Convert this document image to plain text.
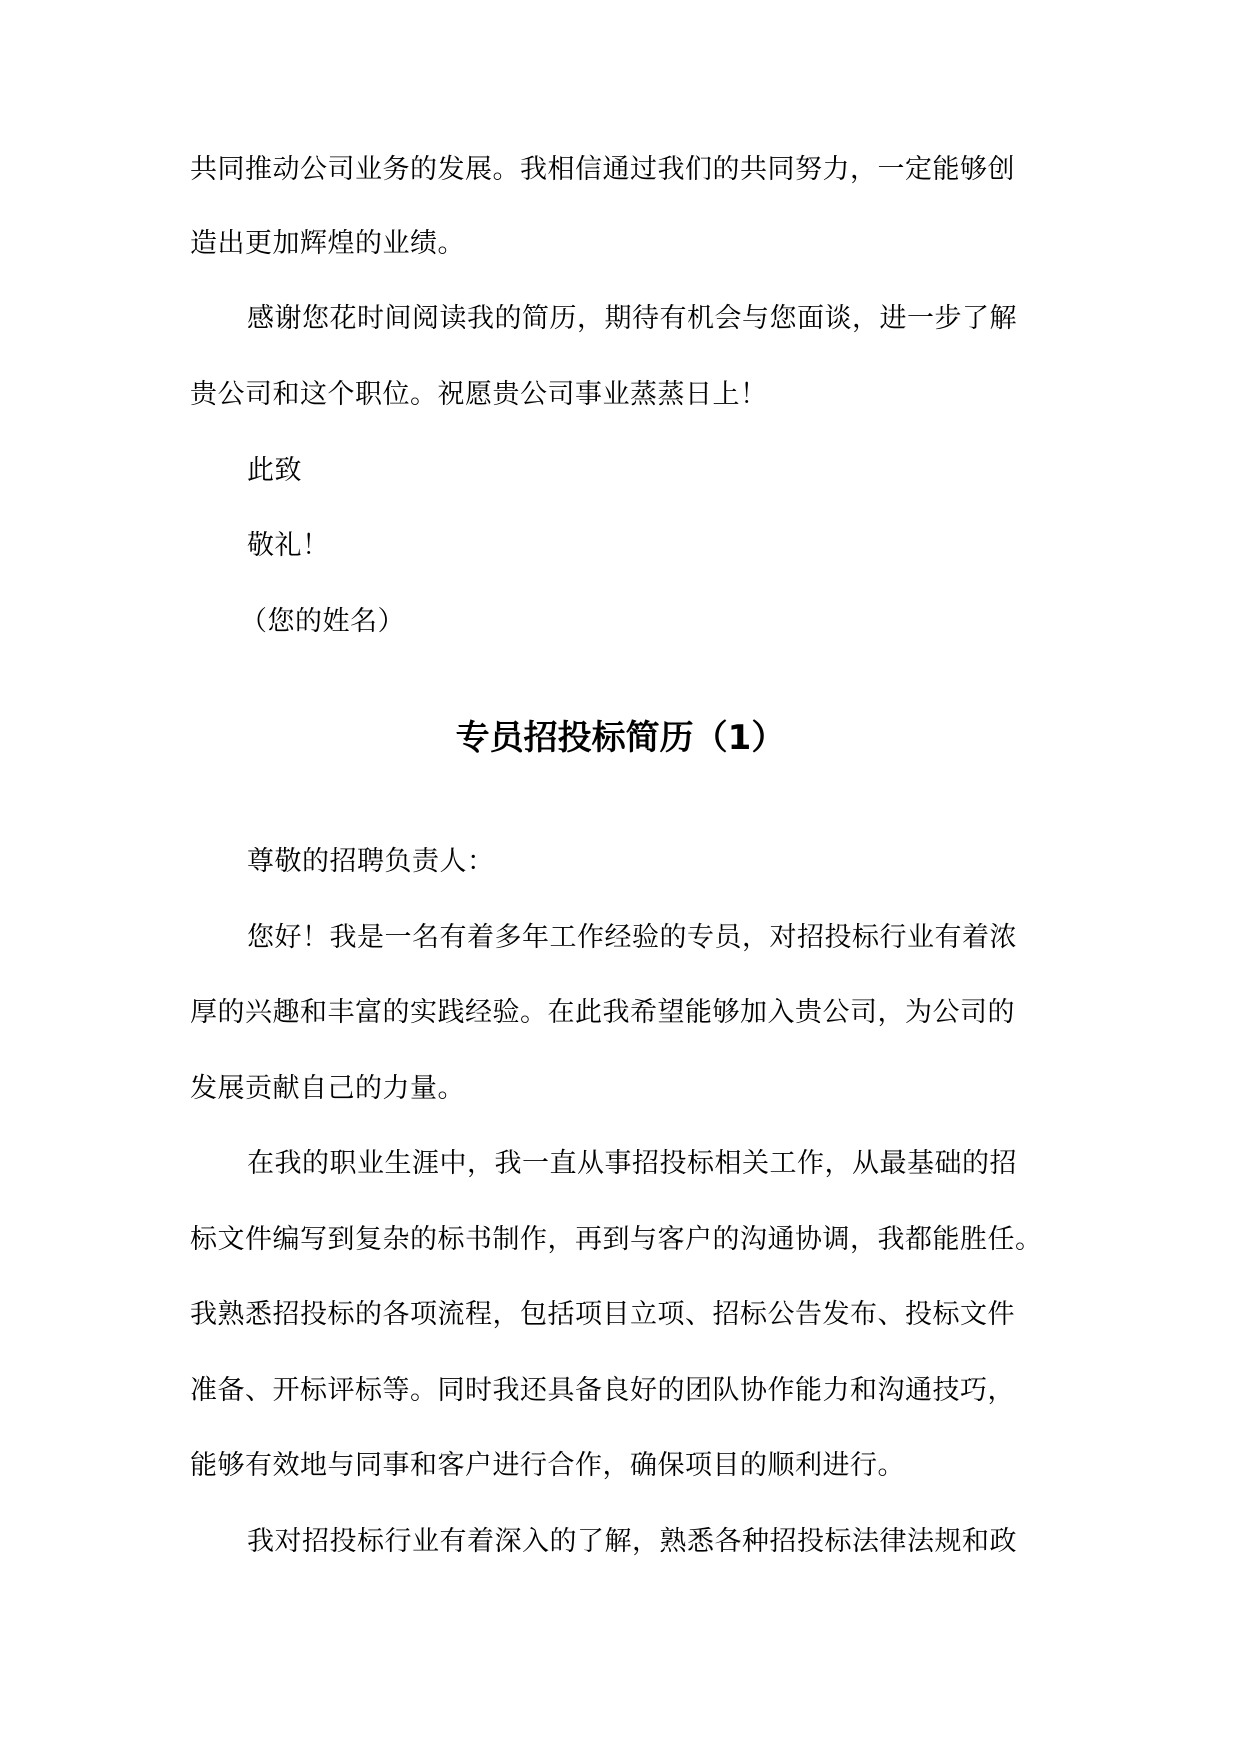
共同推动公司业务的发展。我相信通过我们的共同努力，一定能够创
造出更加辉煌的业绩。
感谢您花时间阅读我的简历，期待有机会与您面谈，进一步了解
贵公司和这个职位。祝愿贵公司事业蒸蒸日上！
此致
敬礼！
（您的姓名）
专员招投标简历（1）
尊敬的招聘负责人：
您好！我是一名有着多年工作经验的专员，对招投标行业有着浓
厚的兴趣和丰富的实践经验。在此我希望能够加入贵公司，为公司的
发展贡献自己的力量。
在我的职业生涯中，我一直从事招投标相关工作，从最基础的招
标文件编写到复杂的标书制作，再到与客户的沟通协调，我都能胜任。
我熟悉招投标的各项流程，包括项目立项、招标公告发布、投标文件
准备、开标评标等。同时我还具备良好的团队协作能力和沟通技巧，
能够有效地与同事和客户进行合作，确保项目的顺利进行。
我对招投标行业有着深入的了解，熟悉各种招投标法律法规和政
